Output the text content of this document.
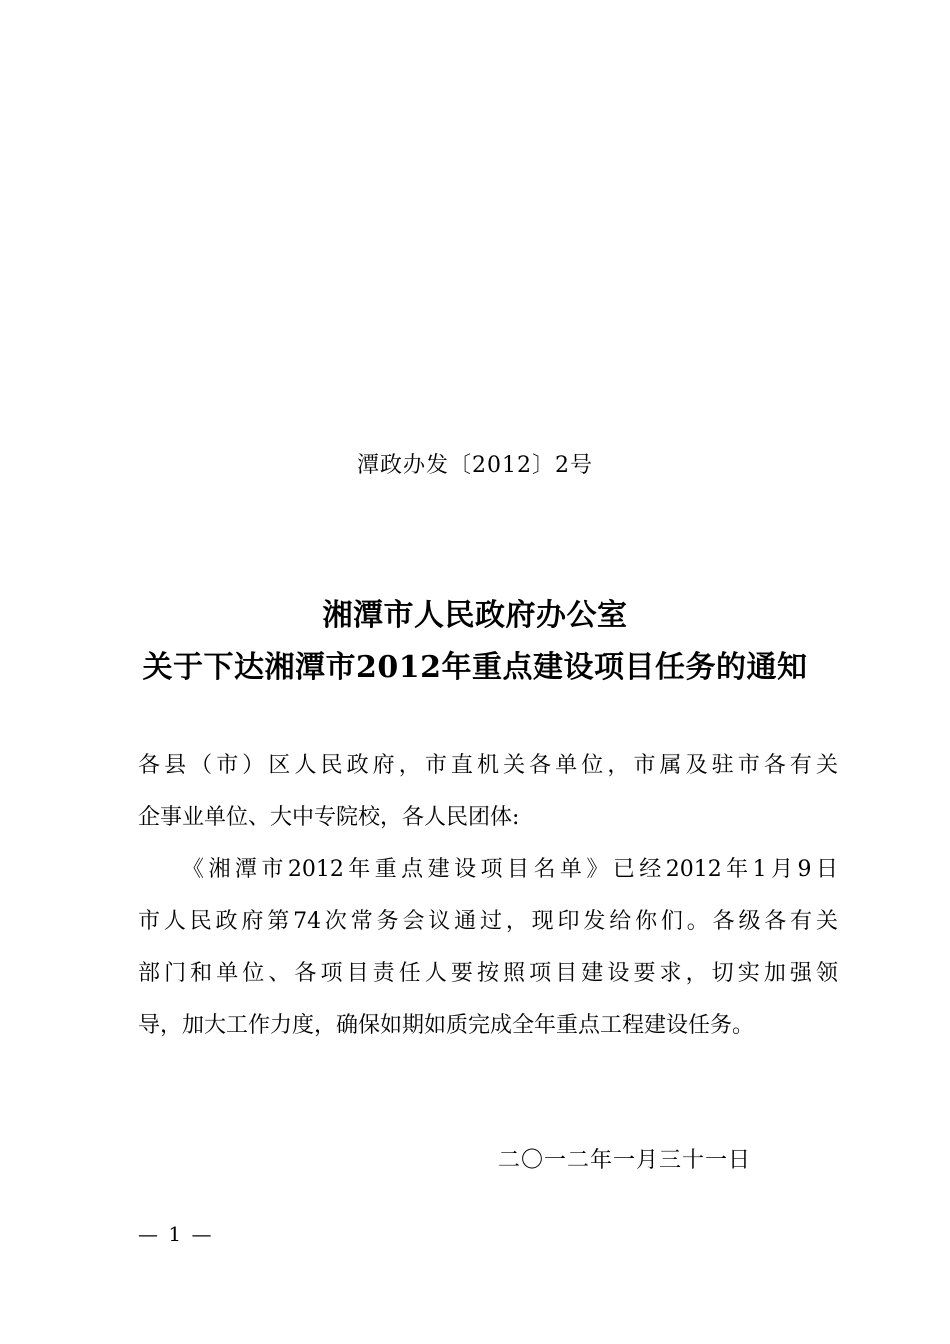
潭政办发〔2012〕2号
湘潭市人民政府办公室
关于下达湘潭市2012年重点建设项目任务的通知
各县（市）区人民政府，市直机关各单位，市属及驻市各有关
企事业单位、大中专院校，各人民团体:
《湘潭市2012年重点建设项目名单》已经2012年1月9日
市人民政府第74次常务会议通过，现印发给你们。各级各有关
部门和单位、各项目责任人要按照项目建设要求，切实加强领
导，加大工作力度，确保如期如质完成全年重点工程建设任务。
二〇一二年一月三十一日
— 1 —
